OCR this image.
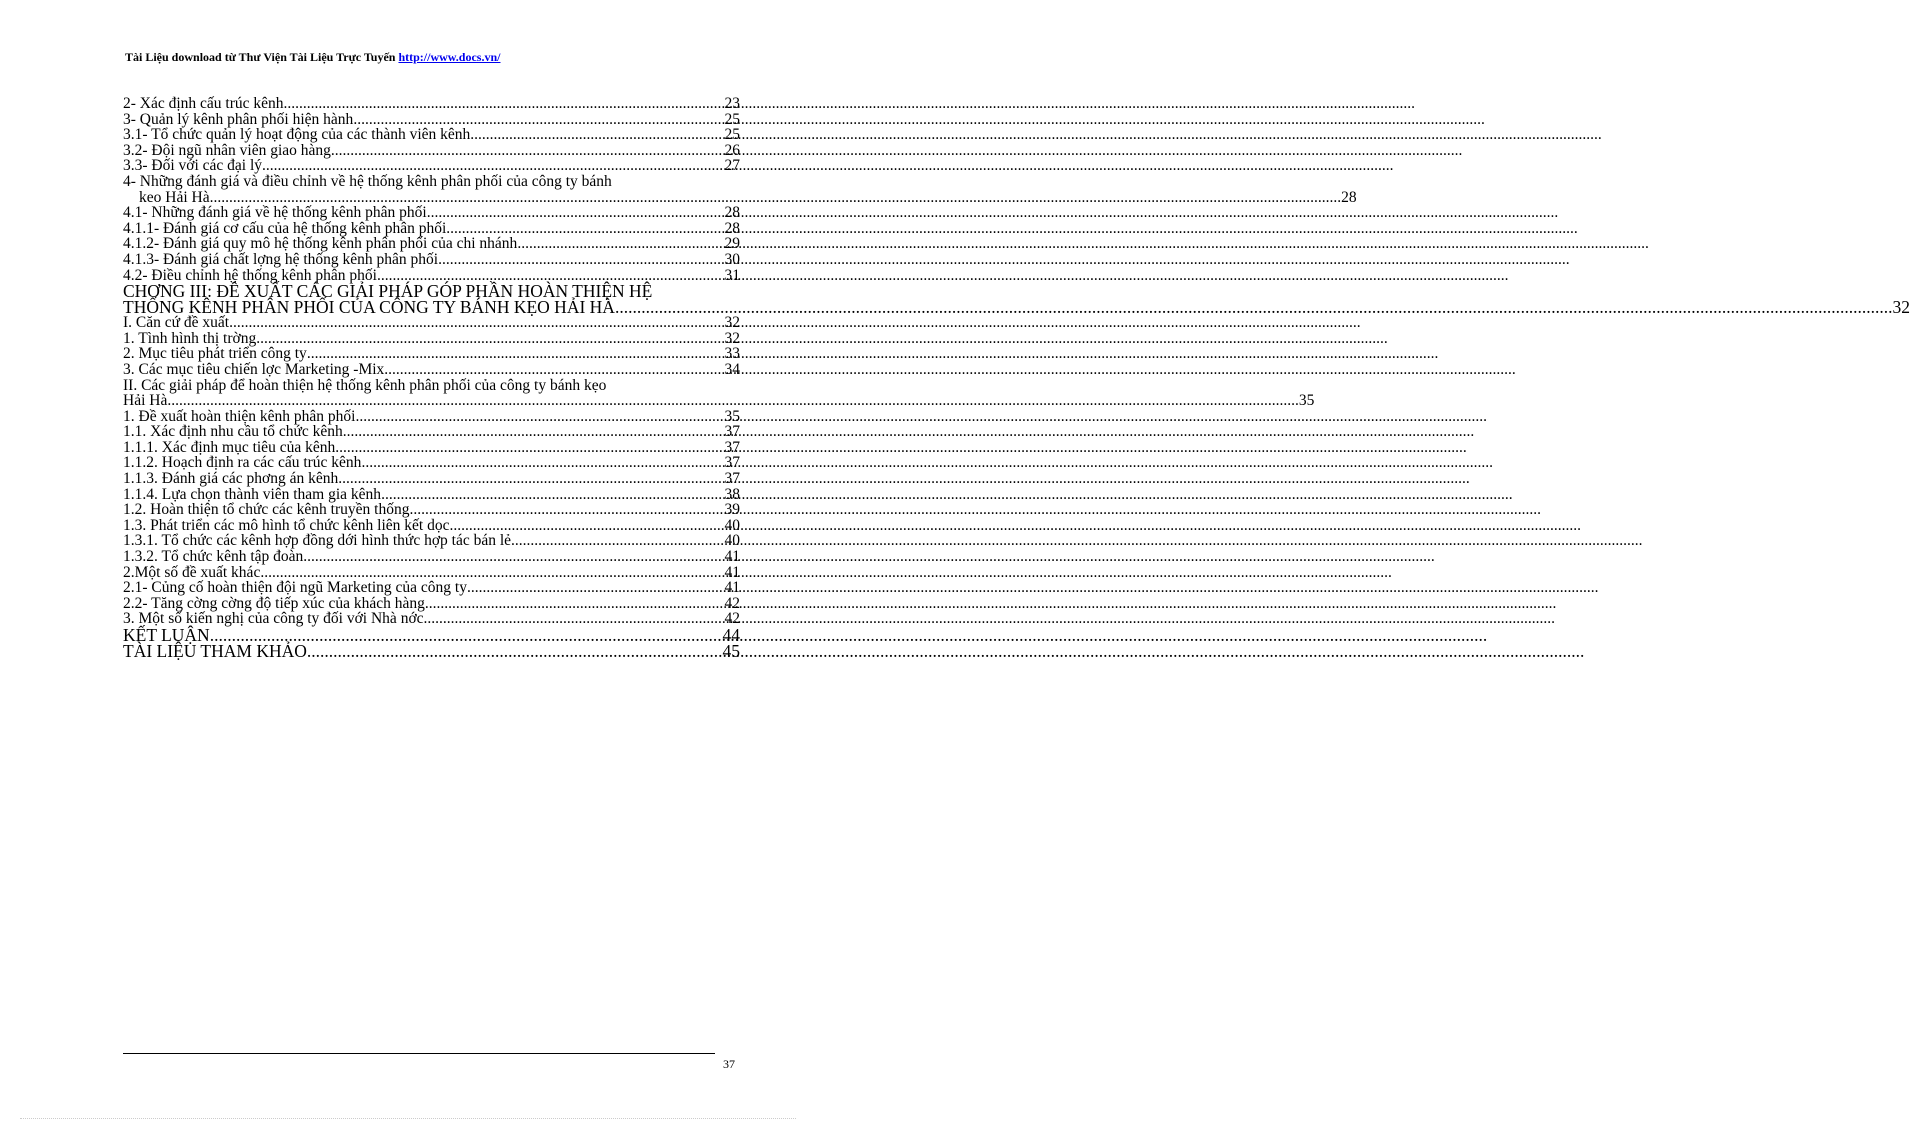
Tài Liệu download từ Thư Viện Tài Liệu Trực Tuyến http://www.docs.vn/
2- Xác định cấu trúc kênh .....	23
3- Quản lý kênh phân phối hiện hành .....	25
3.1- Tổ chức quản lý hoạt động của các thành viên kênh .....	25
3.2- Đội ngũ nhân viên giao hàng .....	26
3.3- Đối với các đại lý .....	27
4- Những đánh giá và điều chỉnh về hệ thống kênh phân phối của công ty bánh
keo Hải Hà .....	28
4.1- Những đánh giá về hệ thống kênh phân phối .....	28
4.1.1- Đánh giá cơ cấu của hệ thống kênh phân phối .....	28
4.1.2- Đánh giá quy mô hệ thống kênh phân phối của chi nhánh .....	29
4.1.3- Đánh giá chất lợng hệ thống kênh phân phối .....	30
4.2- Điều chỉnh hệ thống kênh phân phối .....	31
CHƠNG III: ĐỀ XUẤT CÁC GIẢI PHÁP GÓP PHẦN HOÀN THIỆN HỆ
THỐNG KÊNH PHÂN PHỐI CỦA CÔNG TY BÁNH KẸO HẢI HÀ .....	32
I. Căn cứ đề xuất .....	32
1. Tình hình thị trờng .....	32
2. Mục tiêu phát triển công ty .....	33
3. Các mục tiêu chiến lợc Marketing -Mix .....	34
II. Các giải pháp để hoàn thiện hệ thống kênh phân phối của công ty bánh kẹo
Hải Hà .....	35
1. Đề xuất hoàn thiện kênh phân phối .....	35
1.1. Xác định nhu cầu tổ chức kênh .....	37
1.1.1. Xác định mục tiêu của kênh .....	37
1.1.2. Hoạch định ra các cấu trúc kênh .....	37
1.1.3. Đánh giá các phơng án kênh .....	37
1.1.4. Lựa chọn thành viên tham gia kênh .....	38
1.2. Hoàn thiện tổ chức các kênh truyền thống .....	39
1.3. Phát triển các mô hình tổ chức kênh liên kết dọc .....	40
1.3.1. Tổ chức các kênh hợp đồng dới hình thức hợp tác bán lẻ .....	40
1.3.2. Tổ chức kênh tập đoàn .....	41
2.Một số đề xuất khác .....	41
2.1- Củng cố hoàn thiện đội ngũ Marketing của công ty .....	41
2.2- Tăng cờng cờng độ tiếp xúc của khách hàng .....	42
3. Một số kiến nghị của công ty đối với Nhà nớc .....	42
KẾT LUẬN .....	44
TÀI LIỆU THAM KHẢO .....	45
37
